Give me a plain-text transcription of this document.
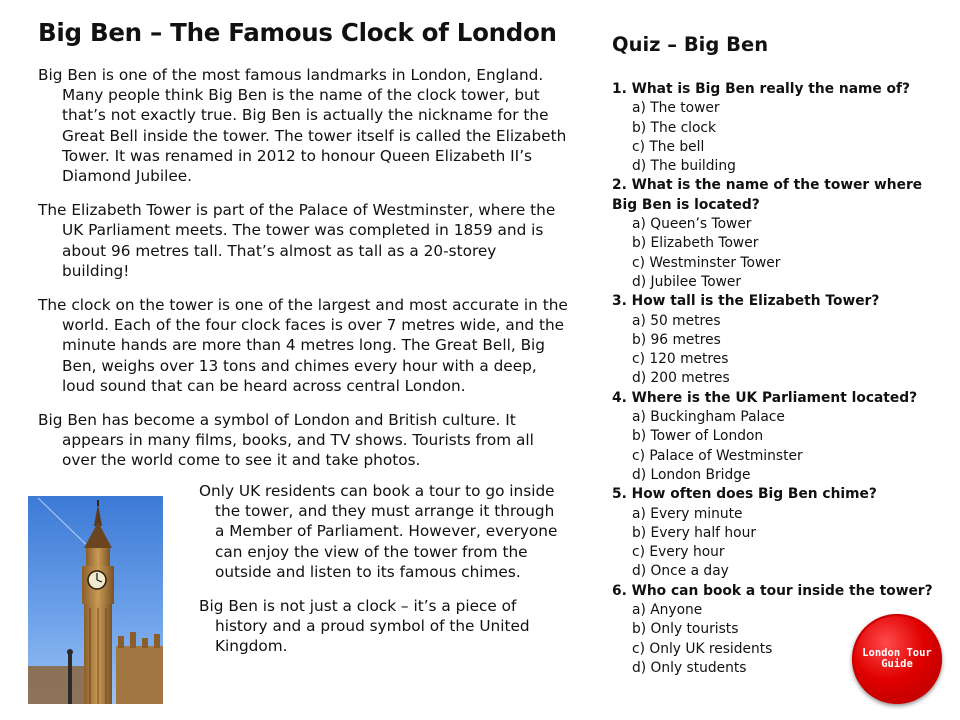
Big Ben – The Famous Clock of London

Big Ben is one of the most famous landmarks in London, England. Many people think Big Ben is the name of the clock tower, but that’s not exactly true. Big Ben is actually the nickname for the Great Bell inside the tower. The tower itself is called the Elizabeth Tower. It was renamed in 2012 to honour Queen Elizabeth II’s Diamond Jubilee.

The Elizabeth Tower is part of the Palace of Westminster, where the UK Parliament meets. The tower was completed in 1859 and is about 96 metres tall. That’s almost as tall as a 20-storey building!

The clock on the tower is one of the largest and most accurate in the world. Each of the four clock faces is over 7 metres wide, and the minute hands are more than 4 metres long. The Great Bell, Big Ben, weighs over 13 tons and chimes every hour with a deep, loud sound that can be heard across central London.

Big Ben has become a symbol of London and British culture. It appears in many films, books, and TV shows. Tourists from all over the world come to see it and take photos.

Only UK residents can book a tour to go inside the tower, and they must arrange it through a Member of Parliament. However, everyone can enjoy the view of the tower from the outside and listen to its famous chimes.

Big Ben is not just a clock – it’s a piece of history and a proud symbol of the United Kingdom.

Quiz – Big Ben

1. What is Big Ben really the name of?

a) The tower

b) The clock

c) The bell

d) The building

2. What is the name of the tower where Big Ben is located?

a) Queen’s Tower

b) Elizabeth Tower

c) Westminster Tower

d) Jubilee Tower

3. How tall is the Elizabeth Tower?

a) 50 metres

b) 96 metres

c) 120 metres

d) 200 metres

4. Where is the UK Parliament located?

a) Buckingham Palace

b) Tower of London

c) Palace of Westminster

d) London Bridge

5. How often does Big Ben chime?

a) Every minute

b) Every half hour

c) Every hour

d) Once a day

6. Who can book a tour inside the tower?

a) Anyone

b) Only tourists

c) Only UK residents

d) Only students

London Tour Guide
